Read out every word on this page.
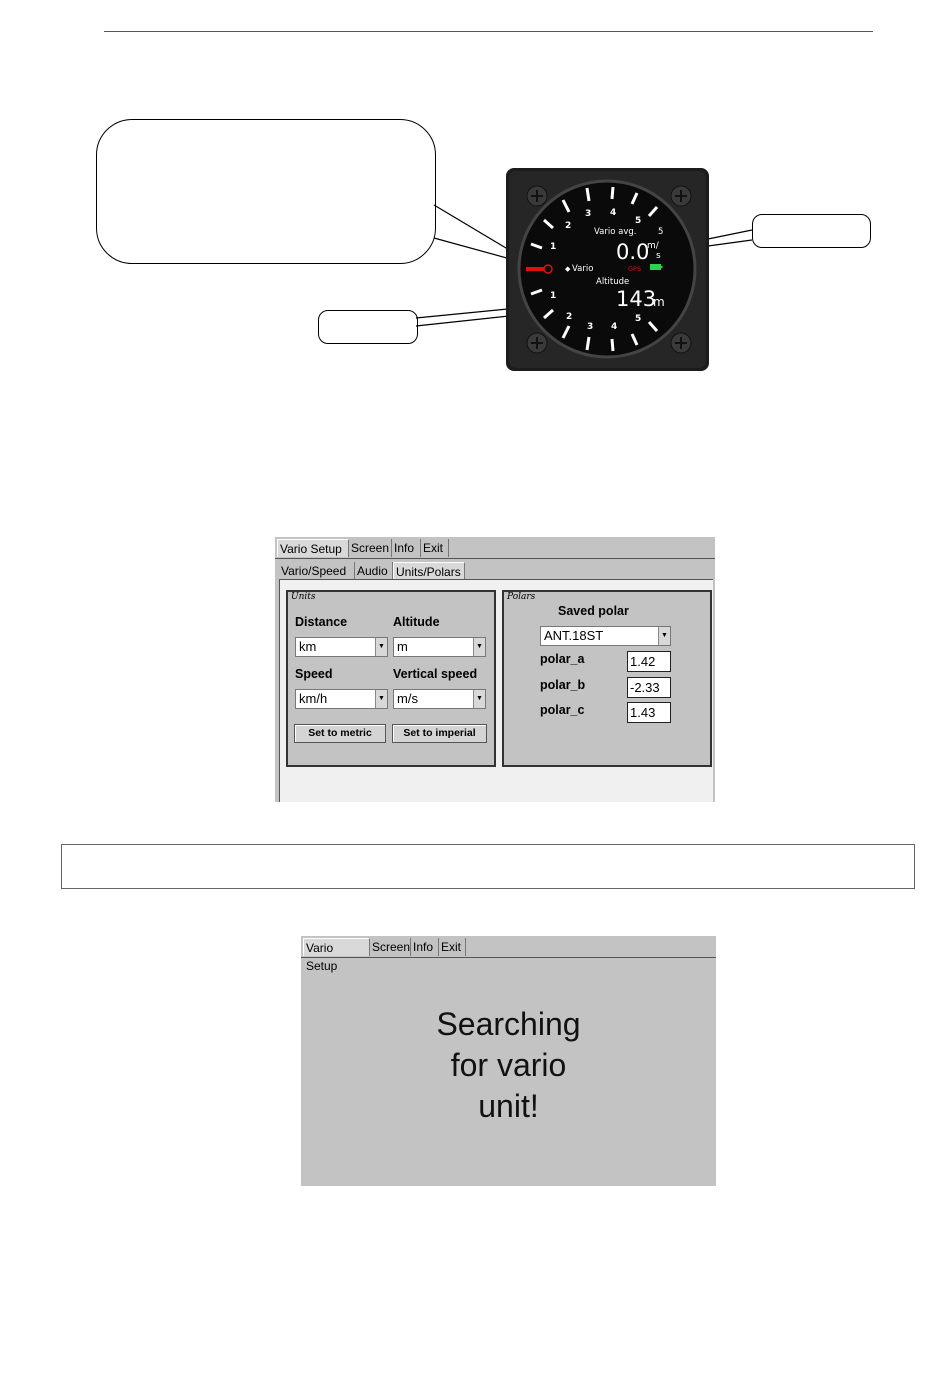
1
2
3 4
5
1
2
3 4
5
Vario avg.	5
0.0
m/
s
◆ Vario	GPS
Altitude
143
m
Vario Setup Screen Info Exit
Vario/Speed Audio Units/Polars
Units
Distance	Altitude
km	▼ m	▼
Speed	Vertical speed
km/h	▼ m/s	▼
Set to metric	Set to imperial
Polars
Saved polar
ANT.18ST	▼
polar_a	1.42
polar_b	-2.33
polar_c	1.43
Vario Setup
Screen Info Exit
Searching
for vario
unit!
